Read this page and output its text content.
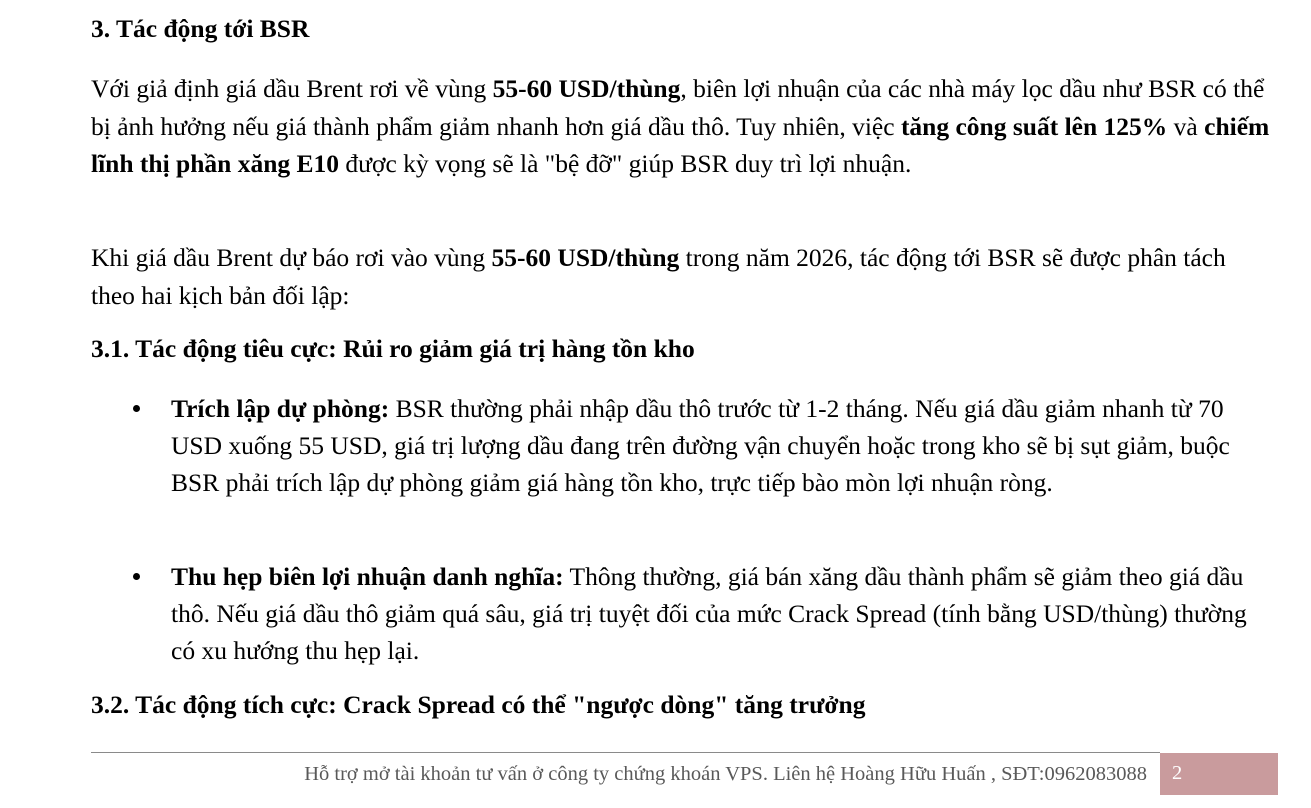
3. Tác động tới BSR
Với giả định giá dầu Brent rơi về vùng 55-60 USD/thùng, biên lợi nhuận của các nhà máy lọc dầu như BSR có thể bị ảnh hưởng nếu giá thành phẩm giảm nhanh hơn giá dầu thô. Tuy nhiên, việc tăng công suất lên 125% và chiếm lĩnh thị phần xăng E10 được kỳ vọng sẽ là "bệ đỡ" giúp BSR duy trì lợi nhuận.
Khi giá dầu Brent dự báo rơi vào vùng 55-60 USD/thùng trong năm 2026, tác động tới BSR sẽ được phân tách theo hai kịch bản đối lập:
3.1. Tác động tiêu cực: Rủi ro giảm giá trị hàng tồn kho
Trích lập dự phòng: BSR thường phải nhập dầu thô trước từ 1-2 tháng. Nếu giá dầu giảm nhanh từ 70 USD xuống 55 USD, giá trị lượng dầu đang trên đường vận chuyển hoặc trong kho sẽ bị sụt giảm, buộc BSR phải trích lập dự phòng giảm giá hàng tồn kho, trực tiếp bào mòn lợi nhuận ròng.
Thu hẹp biên lợi nhuận danh nghĩa: Thông thường, giá bán xăng dầu thành phẩm sẽ giảm theo giá dầu thô. Nếu giá dầu thô giảm quá sâu, giá trị tuyệt đối của mức Crack Spread (tính bằng USD/thùng) thường có xu hướng thu hẹp lại.
3.2. Tác động tích cực: Crack Spread có thể "ngược dòng" tăng trưởng
Hỗ trợ mở tài khoản tư vấn ở công ty chứng khoán VPS. Liên hệ Hoàng Hữu Huấn , SĐT:0962083088	2
